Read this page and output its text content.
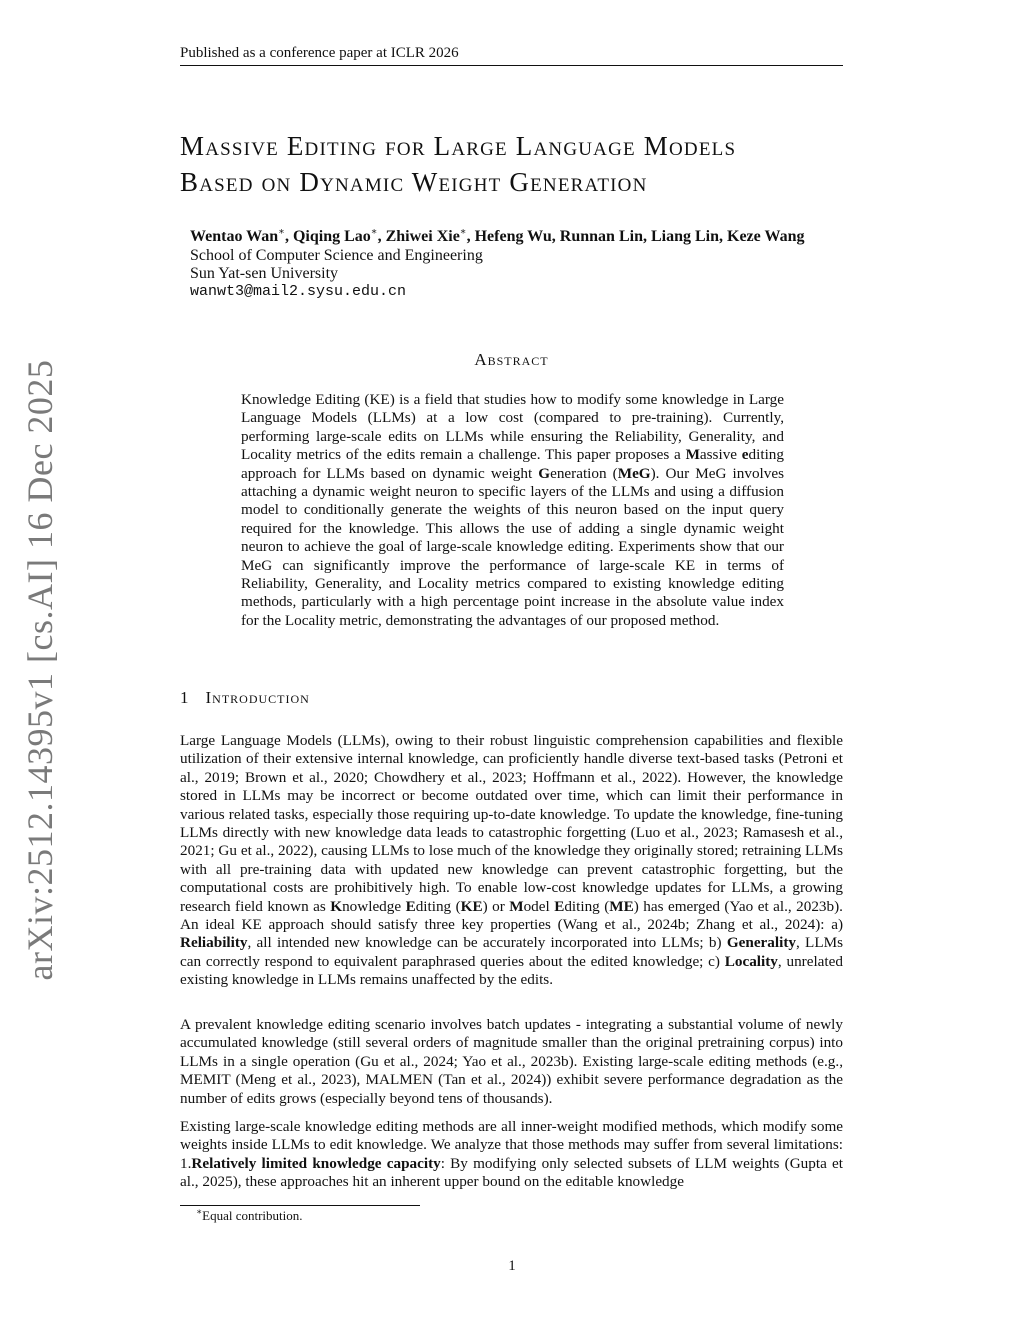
Published as a conference paper at ICLR 2026
arXiv:2512.14395v1 [cs.AI] 16 Dec 2025
Massive Editing for Large Language Models
Based on Dynamic Weight Generation
Wentao Wan∗, Qiqing Lao∗, Zhiwei Xie∗, Hefeng Wu, Runnan Lin, Liang Lin, Keze Wang
School of Computer Science and Engineering
Sun Yat-sen University
wanwt3@mail2.sysu.edu.cn
Abstract
Knowledge Editing (KE) is a field that studies how to modify some knowledge in Large Language Models (LLMs) at a low cost (compared to pre-training). Currently, performing large-scale edits on LLMs while ensuring the Reliability, Generality, and Locality metrics of the edits remain a challenge. This paper proposes a Massive editing approach for LLMs based on dynamic weight Generation (MeG). Our MeG involves attaching a dynamic weight neuron to specific layers of the LLMs and using a diffusion model to conditionally generate the weights of this neuron based on the input query required for the knowledge. This allows the use of adding a single dynamic weight neuron to achieve the goal of large-scale knowledge editing. Experiments show that our MeG can significantly improve the performance of large-scale KE in terms of Reliability, Generality, and Locality metrics compared to existing knowledge editing methods, particularly with a high percentage point increase in the absolute value index for the Locality metric, demonstrating the advantages of our proposed method.
1 Introduction
Large Language Models (LLMs), owing to their robust linguistic comprehension capabilities and flexible utilization of their extensive internal knowledge, can proficiently handle diverse text-based tasks (Petroni et al., 2019; Brown et al., 2020; Chowdhery et al., 2023; Hoffmann et al., 2022). However, the knowledge stored in LLMs may be incorrect or become outdated over time, which can limit their performance in various related tasks, especially those requiring up-to-date knowledge. To update the knowledge, fine-tuning LLMs directly with new knowledge data leads to catastrophic forgetting (Luo et al., 2023; Ramasesh et al., 2021; Gu et al., 2022), causing LLMs to lose much of the knowledge they originally stored; retraining LLMs with all pre-training data with updated new knowledge can prevent catastrophic forgetting, but the computational costs are prohibitively high. To enable low-cost knowledge updates for LLMs, a growing research field known as Knowledge Editing (KE) or Model Editing (ME) has emerged (Yao et al., 2023b). An ideal KE approach should satisfy three key properties (Wang et al., 2024b; Zhang et al., 2024): a) Reliability, all intended new knowledge can be accurately incorporated into LLMs; b) Generality, LLMs can correctly respond to equivalent paraphrased queries about the edited knowledge; c) Locality, unrelated existing knowledge in LLMs remains unaffected by the edits.
A prevalent knowledge editing scenario involves batch updates - integrating a substantial volume of newly accumulated knowledge (still several orders of magnitude smaller than the original pretraining corpus) into LLMs in a single operation (Gu et al., 2024; Yao et al., 2023b). Existing large-scale editing methods (e.g., MEMIT (Meng et al., 2023), MALMEN (Tan et al., 2024)) exhibit severe performance degradation as the number of edits grows (especially beyond tens of thousands).
Existing large-scale knowledge editing methods are all inner-weight modified methods, which modify some weights inside LLMs to edit knowledge. We analyze that those methods may suffer from several limitations: 1.Relatively limited knowledge capacity: By modifying only selected subsets of LLM weights (Gupta et al., 2025), these approaches hit an inherent upper bound on the editable knowledge
∗Equal contribution.
1
